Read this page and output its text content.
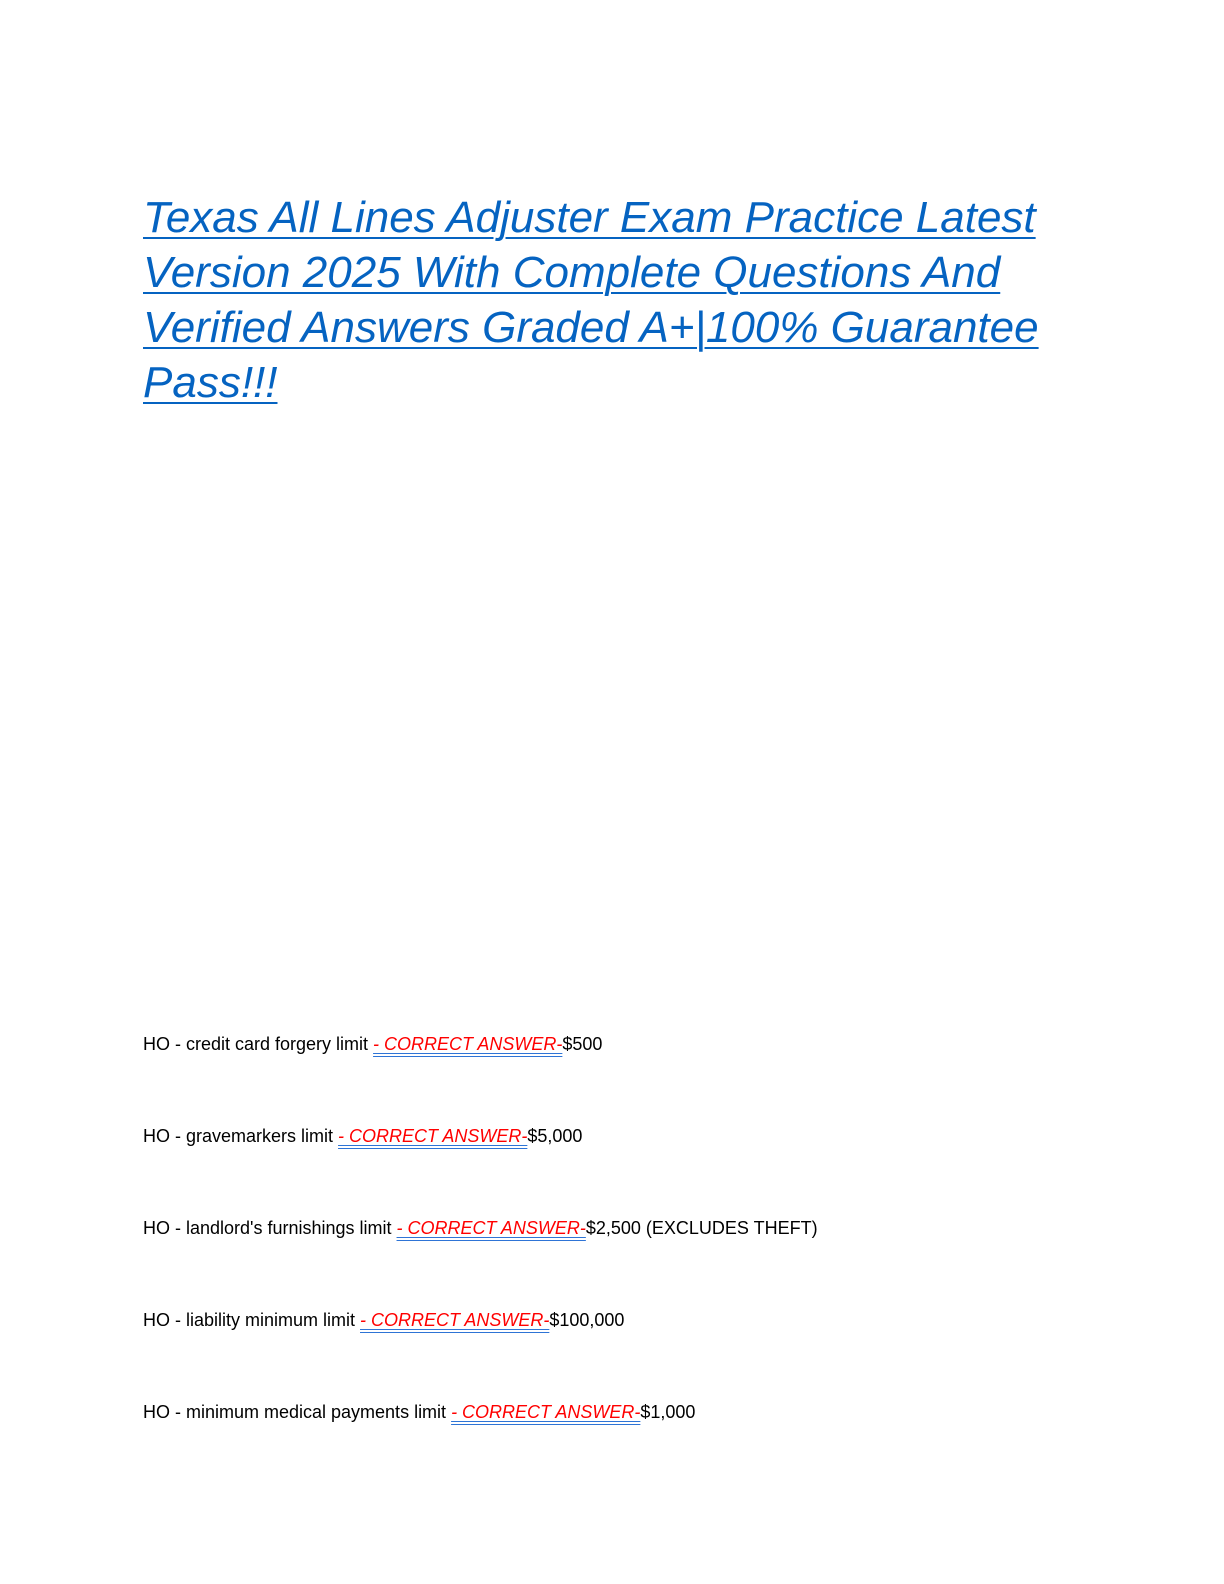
Texas All Lines Adjuster Exam Practice Latest Version 2025 With Complete Questions And Verified Answers Graded A+|100% Guarantee Pass!!!
HO - credit card forgery limit - CORRECT ANSWER-$500
HO - gravemarkers limit - CORRECT ANSWER-$5,000
HO - landlord's furnishings limit - CORRECT ANSWER-$2,500 (EXCLUDES THEFT)
HO - liability minimum limit - CORRECT ANSWER-$100,000
HO - minimum medical payments limit - CORRECT ANSWER-$1,000
